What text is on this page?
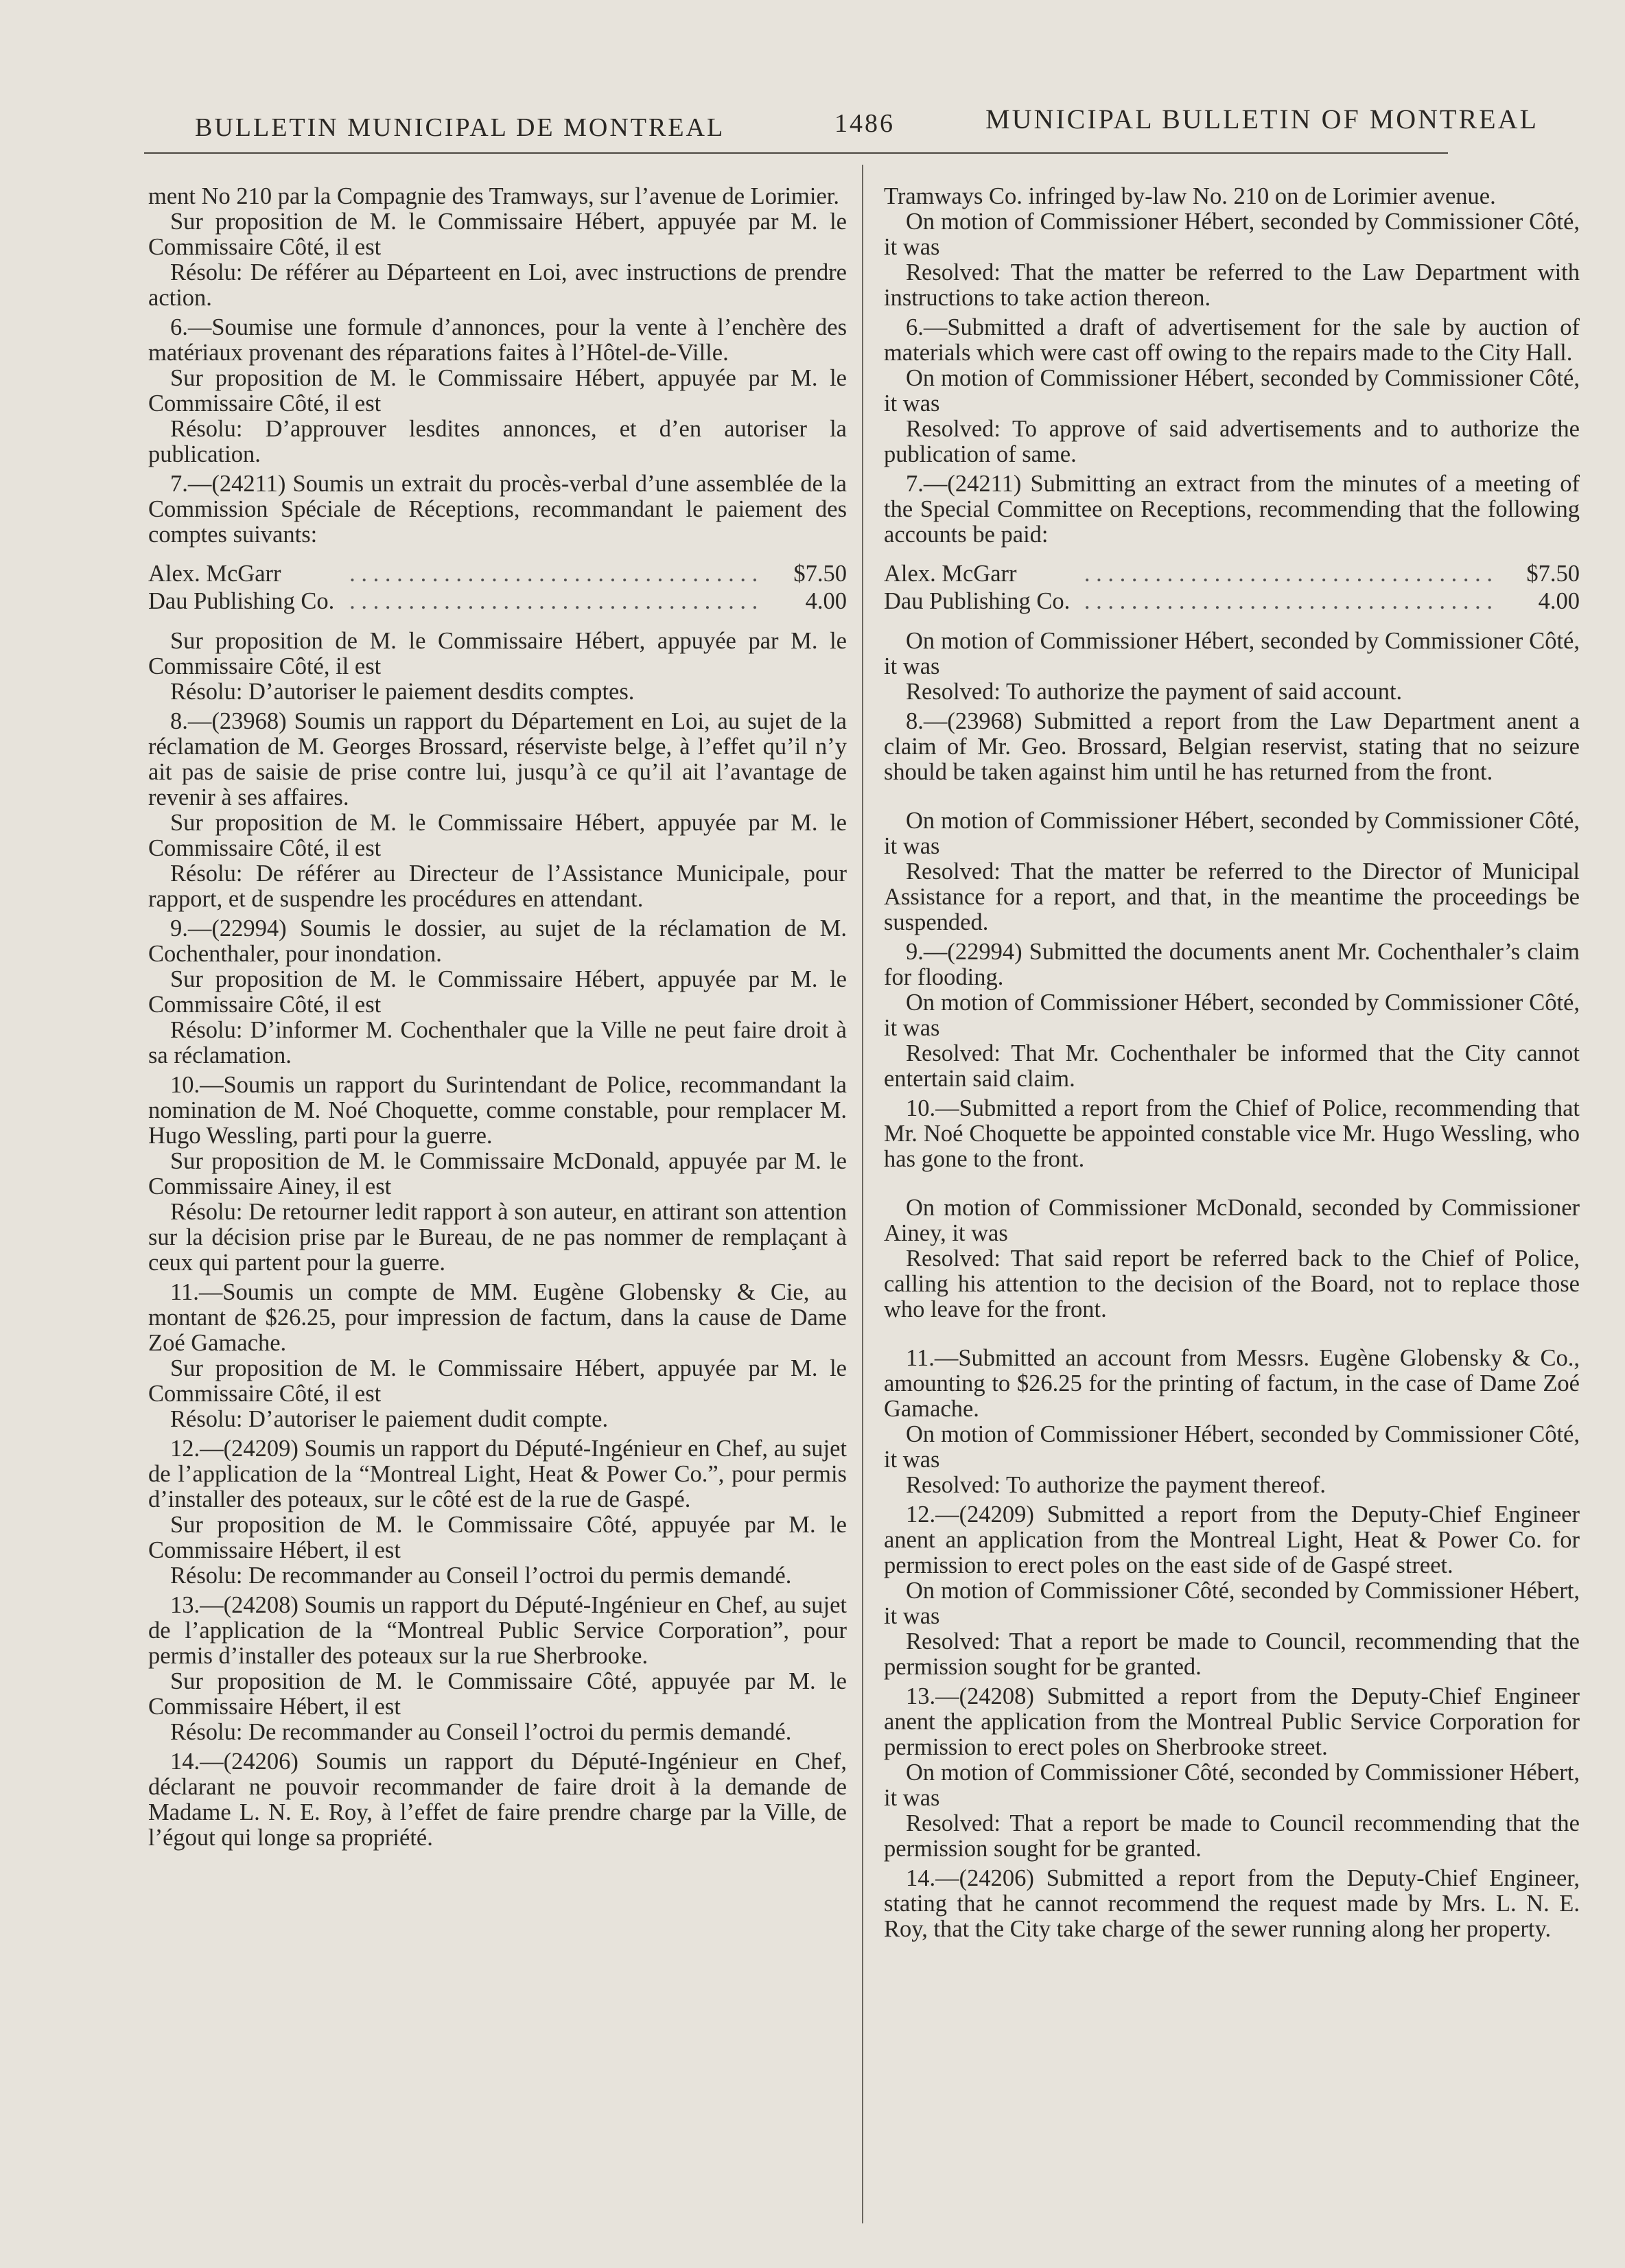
BULLETIN MUNICIPAL DE MONTREAL	1486	MUNICIPAL BULLETIN OF MONTREAL

ment No 210 par la Compagnie des Tramways, sur l’avenue de Lorimier.

Sur proposition de M. le Commissaire Hébert, appuyée par M. le Commissaire Côté, il est

Résolu: De référer au Départeent en Loi, avec instructions de prendre action.

6.—Soumise une formule d’annonces, pour la vente à l’enchère des matériaux provenant des réparations faites à l’Hôtel-de-Ville.

Sur proposition de M. le Commissaire Hébert, appuyée par M. le Commissaire Côté, il est

Résolu: D’approuver lesdites annonces, et d’en autoriser la publication.

7.—(24211) Soumis un extrait du procès-verbal d’une assemblée de la Commission Spéciale de Réceptions, recommandant le paiement des comptes suivants:

Alex. McGarr	. . . . . . . . . . . . . . . . . . . . . . . . . . . . . . . . . . .	$7.50
Dau Publishing Co.	. . . . . . . . . . . . . . . . . . . . . . . . . . . . . . . . . . .	4.00

Sur proposition de M. le Commissaire Hébert, appuyée par M. le Commissaire Côté, il est

Résolu: D’autoriser le paiement desdits comptes.

8.—(23968) Soumis un rapport du Département en Loi, au sujet de la réclamation de M. Georges Brossard, réserviste belge, à l’effet qu’il n’y ait pas de saisie de prise contre lui, jusqu’à ce qu’il ait l’avantage de revenir à ses affaires.

Sur proposition de M. le Commissaire Hébert, appuyée par M. le Commissaire Côté, il est

Résolu: De référer au Directeur de l’Assistance Municipale, pour rapport, et de suspendre les procédures en attendant.

9.—(22994) Soumis le dossier, au sujet de la réclamation de M. Cochenthaler, pour inondation.

Sur proposition de M. le Commissaire Hébert, appuyée par M. le Commissaire Côté, il est

Résolu: D’informer M. Cochenthaler que la Ville ne peut faire droit à sa réclamation.

10.—Soumis un rapport du Surintendant de Police, recommandant la nomination de M. Noé Choquette, comme constable, pour remplacer M. Hugo Wessling, parti pour la guerre.

Sur proposition de M. le Commissaire McDonald, appuyée par M. le Commissaire Ainey, il est

Résolu: De retourner ledit rapport à son auteur, en attirant son attention sur la décision prise par le Bureau, de ne pas nommer de remplaçant à ceux qui partent pour la guerre.

11.—Soumis un compte de MM. Eugène Globensky & Cie, au montant de $26.25, pour impression de factum, dans la cause de Dame Zoé Gamache.

Sur proposition de M. le Commissaire Hébert, appuyée par M. le Commissaire Côté, il est

Résolu: D’autoriser le paiement dudit compte.

12.—(24209) Soumis un rapport du Député-Ingénieur en Chef, au sujet de l’application de la “Montreal Light, Heat & Power Co.”, pour permis d’installer des poteaux, sur le côté est de la rue de Gaspé.

Sur proposition de M. le Commissaire Côté, appuyée par M. le Commissaire Hébert, il est

Résolu: De recommander au Conseil l’octroi du permis demandé.

13.—(24208) Soumis un rapport du Député-Ingénieur en Chef, au sujet de l’application de la “Montreal Public Service Corporation”, pour permis d’installer des poteaux sur la rue Sherbrooke.

Sur proposition de M. le Commissaire Côté, appuyée par M. le Commissaire Hébert, il est

Résolu: De recommander au Conseil l’octroi du permis demandé.

14.—(24206) Soumis un rapport du Député-Ingénieur en Chef, déclarant ne pouvoir recommander de faire droit à la demande de Madame L. N. E. Roy, à l’effet de faire prendre charge par la Ville, de l’égout qui longe sa propriété.

Tramways Co. infringed by-law No. 210 on de Lorimier avenue.

On motion of Commissioner Hébert, seconded by Commissioner Côté, it was

Resolved: That the matter be referred to the Law Department with instructions to take action thereon.

6.—Submitted a draft of advertisement for the sale by auction of materials which were cast off owing to the repairs made to the City Hall.

On motion of Commissioner Hébert, seconded by Commissioner Côté, it was

Resolved: To approve of said advertisements and to authorize the publication of same.

7.—(24211) Submitting an extract from the minutes of a meeting of the Special Committee on Receptions, recommending that the following accounts be paid:

Alex. McGarr	. . . . . . . . . . . . . . . . . . . . . . . . . . . . . . . . . . .	$7.50
Dau Publishing Co.	. . . . . . . . . . . . . . . . . . . . . . . . . . . . . . . . . . .	4.00

On motion of Commissioner Hébert, seconded by Commissioner Côté, it was

Resolved: To authorize the payment of said account.

8.—(23968) Submitted a report from the Law Department anent a claim of Mr. Geo. Brossard, Belgian reservist, stating that no seizure should be taken against him until he has returned from the front.

On motion of Commissioner Hébert, seconded by Commissioner Côté, it was

Resolved: That the matter be referred to the Director of Municipal Assistance for a report, and that, in the meantime the proceedings be suspended.

9.—(22994) Submitted the documents anent Mr. Cochenthaler’s claim for flooding.

On motion of Commissioner Hébert, seconded by Commissioner Côté, it was

Resolved: That Mr. Cochenthaler be informed that the City cannot entertain said claim.

10.—Submitted a report from the Chief of Police, recommending that Mr. Noé Choquette be appointed constable vice Mr. Hugo Wessling, who has gone to the front.

On motion of Commissioner McDonald, seconded by Commissioner Ainey, it was

Resolved: That said report be referred back to the Chief of Police, calling his attention to the decision of the Board, not to replace those who leave for the front.

11.—Submitted an account from Messrs. Eugène Globensky & Co., amounting to $26.25 for the printing of factum, in the case of Dame Zoé Gamache.

On motion of Commissioner Hébert, seconded by Commissioner Côté, it was

Resolved: To authorize the payment thereof.

12.—(24209) Submitted a report from the Deputy-Chief Engineer anent an application from the Montreal Light, Heat & Power Co. for permission to erect poles on the east side of de Gaspé street.

On motion of Commissioner Côté, seconded by Commissioner Hébert, it was

Resolved: That a report be made to Council, recommending that the permission sought for be granted.

13.—(24208) Submitted a report from the Deputy-Chief Engineer anent the application from the Montreal Public Service Corporation for permission to erect poles on Sherbrooke street.

On motion of Commissioner Côté, seconded by Commissioner Hébert, it was

Resolved: That a report be made to Council recommending that the permission sought for be granted.

14.—(24206) Submitted a report from the Deputy-Chief Engineer, stating that he cannot recommend the request made by Mrs. L. N. E. Roy, that the City take charge of the sewer running along her property.
